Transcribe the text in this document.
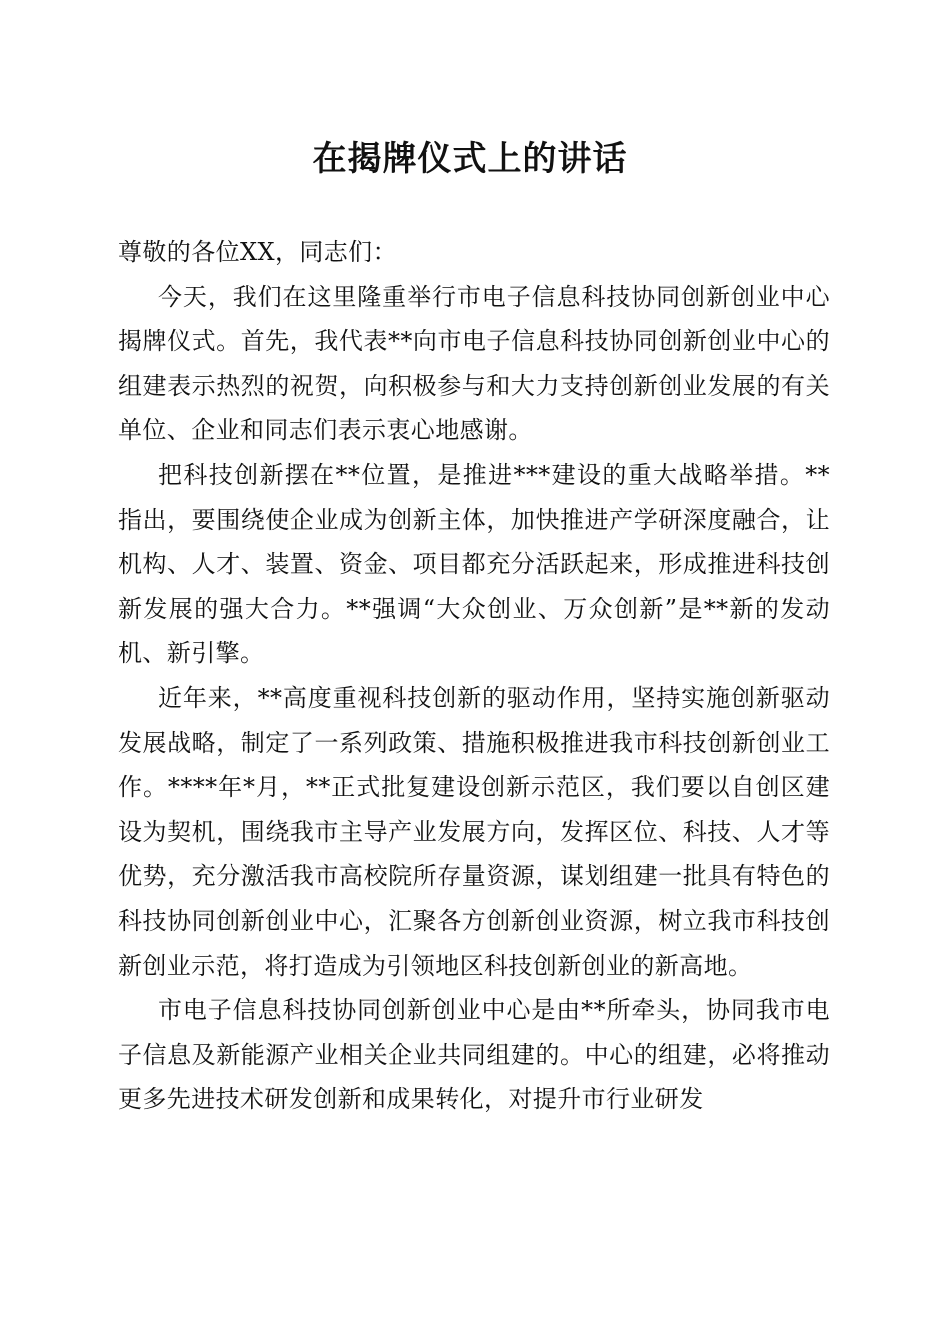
在揭牌仪式上的讲话

尊敬的各位XX，同志们：

今天，我们在这里隆重举行市电子信息科技协同创新创业中心揭牌仪式。首先，我代表**向市电子信息科技协同创新创业中心的组建表示热烈的祝贺，向积极参与和大力支持创新创业发展的有关单位、企业和同志们表示衷心地感谢。

把科技创新摆在**位置，是推进***建设的重大战略举措。**指出，要围绕使企业成为创新主体，加快推进产学研深度融合，让机构、人才、装置、资金、项目都充分活跃起来，形成推进科技创新发展的强大合力。**强调“大众创业、万众创新”是**新的发动机、新引擎。

近年来，**高度重视科技创新的驱动作用，坚持实施创新驱动发展战略，制定了一系列政策、措施积极推进我市科技创新创业工作。****年*月，**正式批复建设创新示范区，我们要以自创区建设为契机，围绕我市主导产业发展方向，发挥区位、科技、人才等优势，充分激活我市高校院所存量资源，谋划组建一批具有特色的科技协同创新创业中心，汇聚各方创新创业资源，树立我市科技创新创业示范，将打造成为引领地区科技创新创业的新高地。

市电子信息科技协同创新创业中心是由**所牵头，协同我市电子信息及新能源产业相关企业共同组建的。中心的组建，必将推动更多先进技术研发创新和成果转化，对提升市行业研发
